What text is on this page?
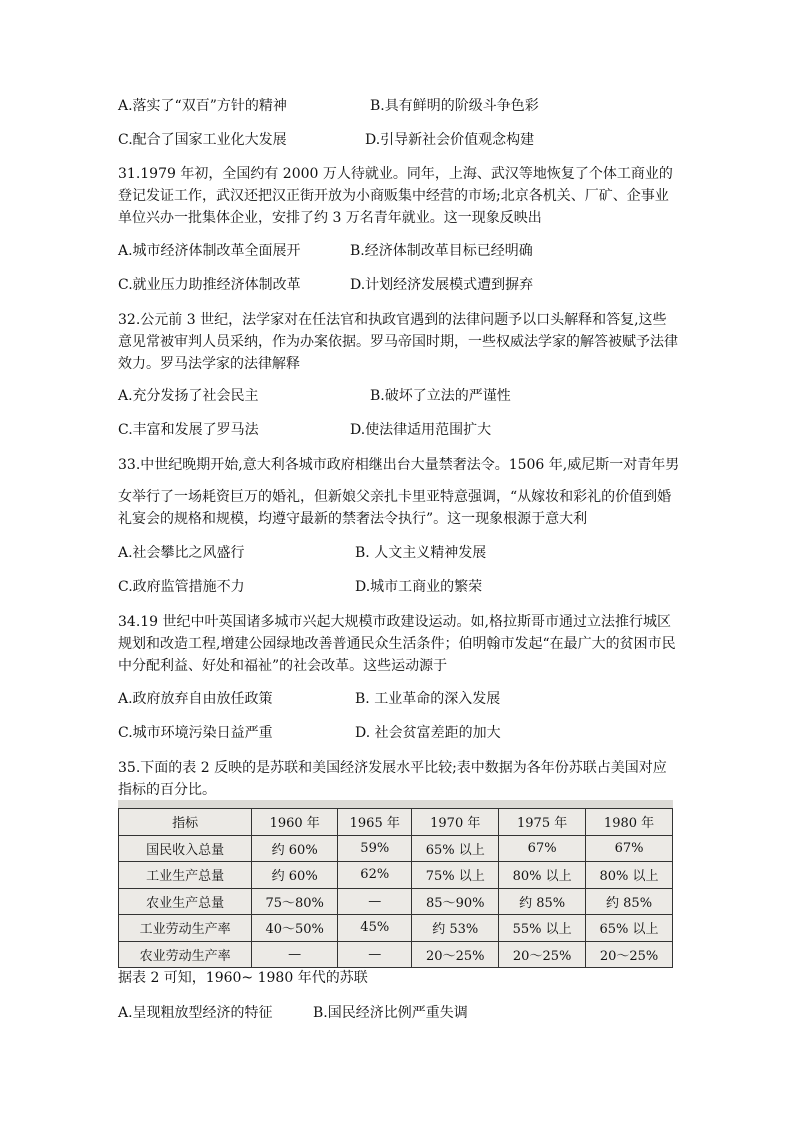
A.落实了“双百”方针的精神	B.具有鲜明的阶级斗争色彩
C.配合了国家工业化大发展	D.引导新社会价值观念构建
31.1979 年初，全国约有 2000 万人待就业。同年，上海、武汉等地恢复了个体工商业的登记发证工作，武汉还把汉正街开放为小商贩集中经营的市场;北京各机关、厂矿、企事业单位兴办一批集体企业，安排了约 3 万名青年就业。这一现象反映出
A.城市经济体制改革全面展开	B.经济体制改革目标已经明确
C.就业压力助推经济体制改革	D.计划经济发展模式遭到摒弃
32.公元前 3 世纪，法学家对在任法官和执政官遇到的法律问题予以口头解释和答复,这些意见常被审判人员采纳，作为办案依据。罗马帝国时期，一些权威法学家的解答被赋予法律效力。罗马法学家的法律解释
A.充分发扬了社会民主	B.破坏了立法的严谨性
C.丰富和发展了罗马法	D.使法律适用范围扩大
33.中世纪晚期开始,意大利各城市政府相继出台大量禁奢法令。1506 年,威尼斯一对青年男
女举行了一场耗资巨万的婚礼，但新娘父亲扎卡里亚特意强调，“从嫁妆和彩礼的价值到婚礼宴会的规格和规模，均遵守最新的禁奢法令执行”。这一现象根源于意大利
A.社会攀比之风盛行	B. 人文主义精神发展
C.政府监管措施不力	D.城市工商业的繁荣
34.19 世纪中叶英国诸多城市兴起大规模市政建设运动。如,格拉斯哥市通过立法推行城区规划和改造工程,增建公园绿地改善普通民众生活条件；伯明翰市发起“在最广大的贫困市民中分配利益、好处和福祉”的社会改革。这些运动源于
A.政府放弃自由放任政策	B. 工业革命的深入发展
C.城市环境污染日益严重	D. 社会贫富差距的加大
35.下面的表 2 反映的是苏联和美国经济发展水平比较;表中数据为各年份苏联占美国对应指标的百分比。
指标	1960 年	1965 年	1970 年	1975 年	1980 年
国民收入总量	约 60%	59%	65% 以上	67%	67%
工业生产总量	约 60%	62%	75% 以上	80% 以上	80% 以上
农业生产总量	75～80%	—	85～90%	约 85%	约 85%
工业劳动生产率	40～50%	45%	约 53%	55% 以上	65% 以上
农业劳动生产率	—	—	20～25%	20～25%	20～25%
据表 2 可知，1960~ 1980 年代的苏联
A.呈现粗放型经济的特征	B.国民经济比例严重失调
